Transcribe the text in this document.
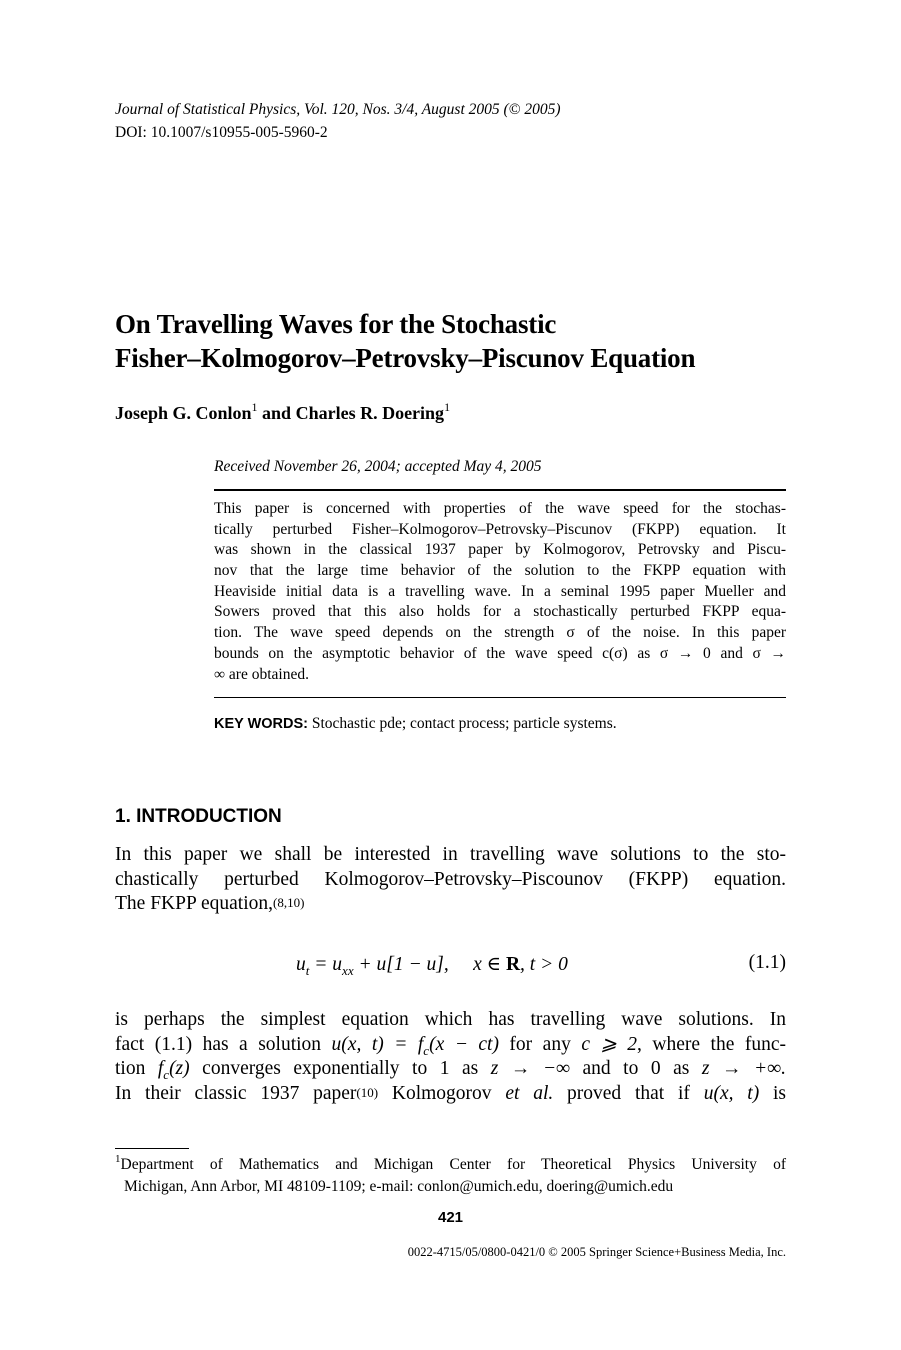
Journal of Statistical Physics, Vol. 120, Nos. 3/4, August 2005 (© 2005)
DOI: 10.1007/s10955-005-5960-2
On Travelling Waves for the Stochastic
Fisher–Kolmogorov–Petrovsky–Piscunov Equation
Joseph G. Conlon$^1$ and Charles R. Doering$^1$
Received November 26, 2004; accepted May 4, 2005
This paper is concerned with properties of the wave speed for the stochas-
tically perturbed Fisher–Kolmogorov–Petrovsky–Piscunov (FKPP) equation. It
was shown in the classical 1937 paper by Kolmogorov, Petrovsky and Piscu-
nov that the large time behavior of the solution to the FKPP equation with
Heaviside initial data is a travelling wave. In a seminal 1995 paper Mueller and
Sowers proved that this also holds for a stochastically perturbed FKPP equa-
tion. The wave speed depends on the strength σ of the noise. In this paper
bounds on the asymptotic behavior of the wave speed c(σ) as σ → 0 and σ →
∞ are obtained.
KEY WORDS: Stochastic pde; contact process; particle systems.
1. INTRODUCTION
In this paper we shall be interested in travelling wave solutions to the sto-
chastically perturbed Kolmogorov–Petrovsky–Piscounov (FKPP) equation.
The FKPP equation,$^{(8,10)}$
$u_t = u_{xx} + u[1 - u]$, x ∈ R, t > 0	(1.1)
is perhaps the simplest equation which has travelling wave solutions. In
fact (1.1) has a solution u(x, $t) = f_c(x - ct)$ for any c ⩾ 2, where the func-
tion $f_c(z)$ converges exponentially to 1 as z → −∞ and to 0 as z → +∞.
In their classic 1937 paper$^{(10)}$ Kolmogorov et al. proved that if u(x, t) is
$^1$Department of Mathematics and Michigan Center for Theoretical Physics University of
Michigan, Ann Arbor, MI 48109-1109; e-mail: conlon@umich.edu, doering@umich.edu
421
0022-4715/05/0800-0421/0 © 2005 Springer Science+Business Media, Inc.
